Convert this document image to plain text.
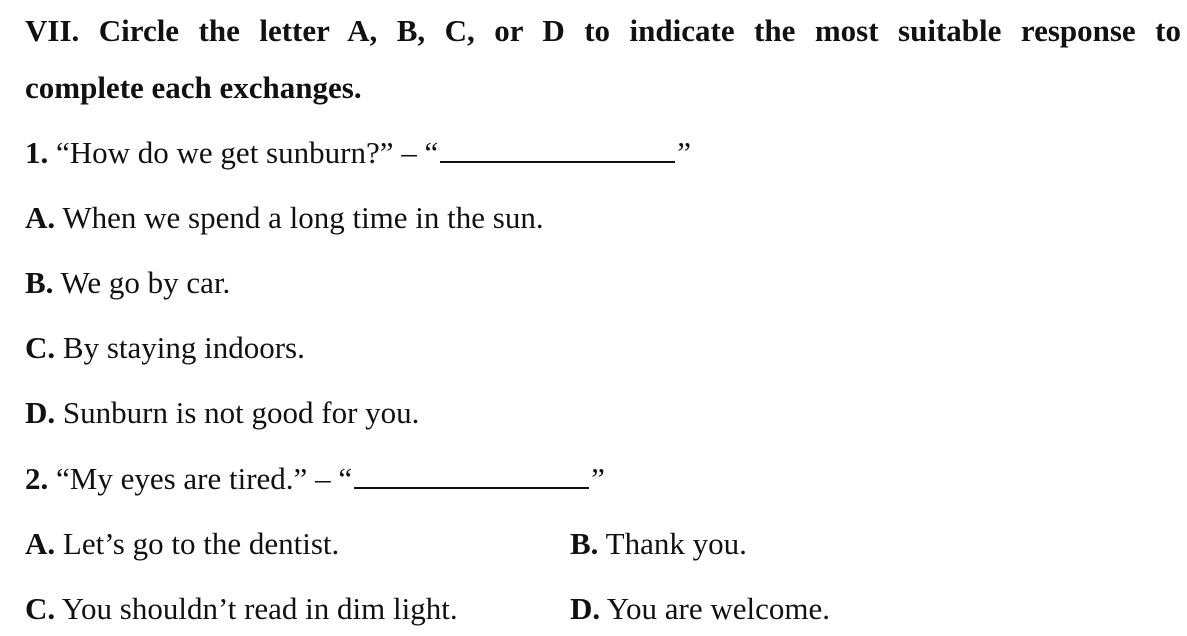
VII. Circle the letter A, B, C, or D to indicate the most suitable response to
complete each exchanges.
1. “How do we get sunburn?” – “	”
A. When we spend a long time in the sun.
B. We go by car.
C. By staying indoors.
D. Sunburn is not good for you.
2. “My eyes are tired.” – “	”
A. Let’s go to the dentist.	B. Thank you.
C. You shouldn’t read in dim light.	D. You are welcome.
